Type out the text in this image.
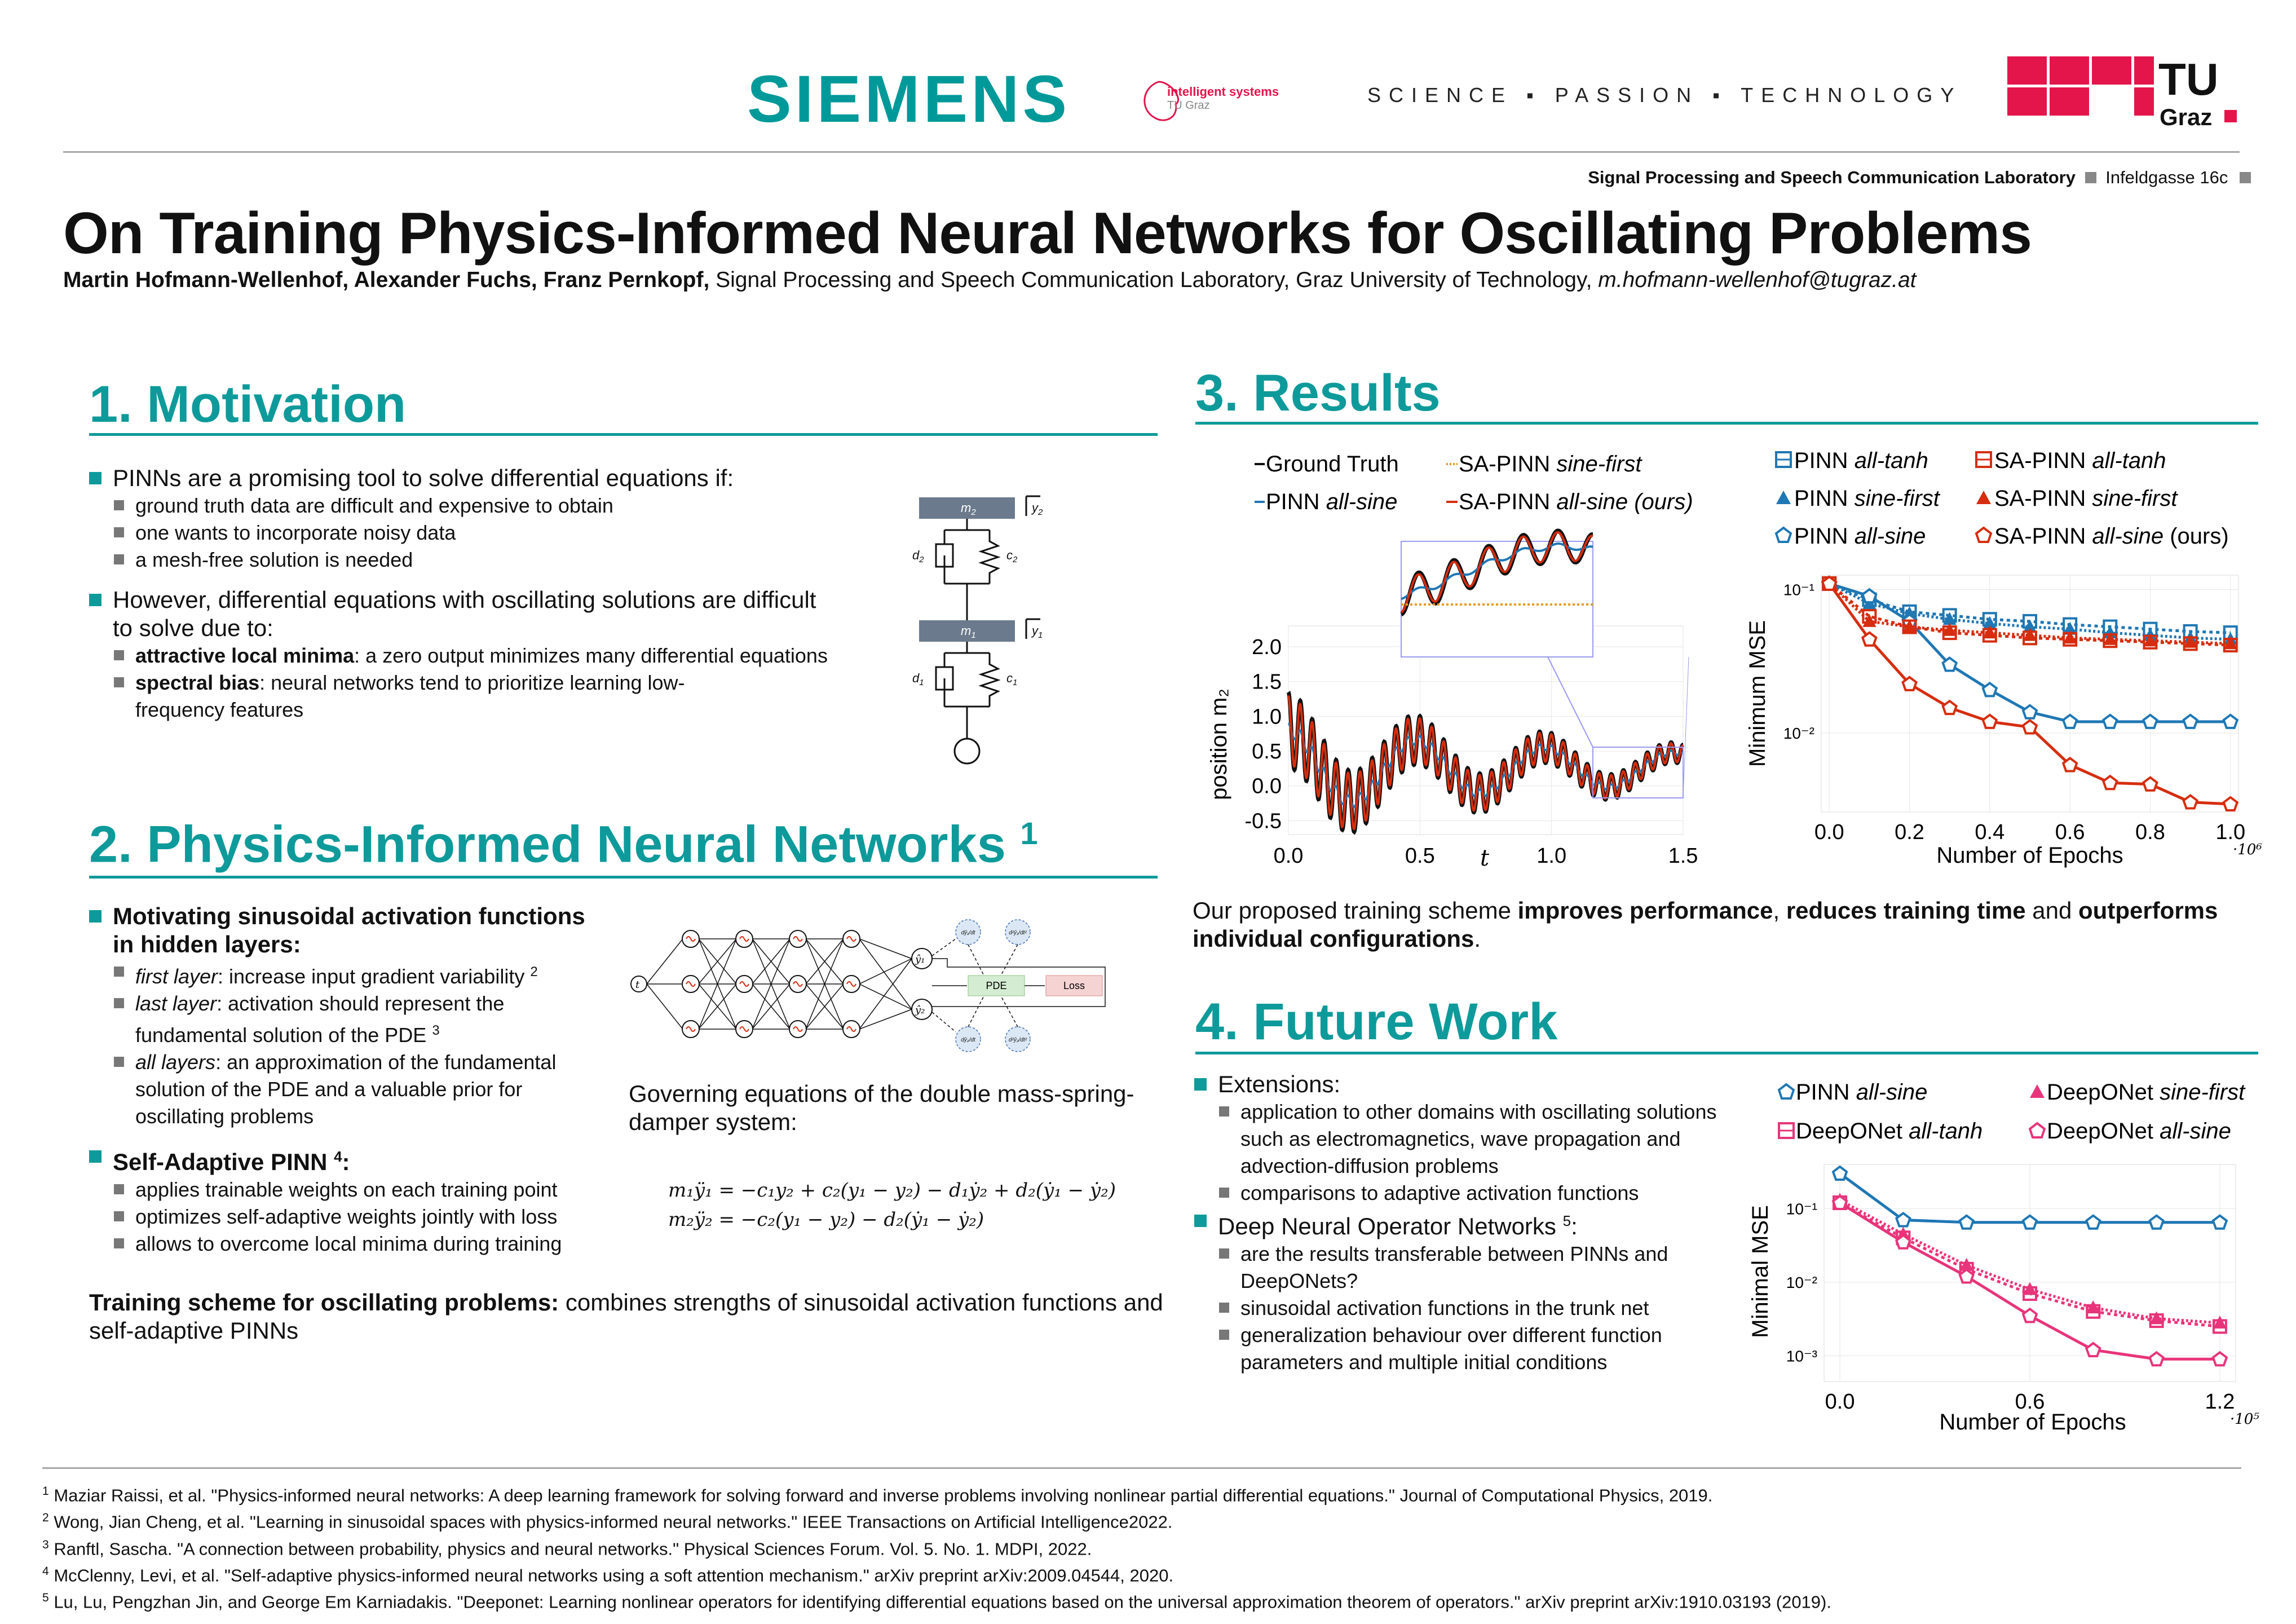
SIEMENS	intelligent systems
TU Graz	SCIENCE ▪ PASSION ▪ TECHNOLOGY	TU
Graz
Signal Processing and Speech Communication Laboratory Infeldgasse 16c
On Training Physics-Informed Neural Networks for Oscillating Problems
Martin Hofmann-Wellenhof, Alexander Fuchs, Franz Pernkopf, Signal Processing and Speech Communication Laboratory, Graz University of Technology, m.hofmann-wellenhof@tugraz.at
1. Motivation
PINNs are a promising tool to solve differential equations if:
ground truth data are difficult and expensive to obtain
one wants to incorporate noisy data
a mesh-free solution is needed
However, differential equations with oscillating solutions are difficult to solve due to:
attractive local minima: a zero output minimizes many differential equations
spectral bias: neural networks tend to prioritize learning low-frequency features
$m_2$
$m_1$
$y_2$
$y_1$
$d_2$	$c_2$
$d_1$	$c_1$
2. Physics-Informed Neural Networks $^1$
Motivating sinusoidal activation functions in hidden layers:
first layer: increase input gradient variability $^2$
last layer: activation should represent the fundamental solution of the PDE $^3$
all layers: an approximation of the fundamental solution of the PDE and a valuable prior for oscillating problems
Self-Adaptive PINN $^4$:
applies trainable weights on each training point
optimizes self-adaptive weights jointly with loss
allows to overcome local minima during training
t
ŷ₁
ŷ₂
dŷ₁/dt	d²ŷ₁/dt²
dŷ₂/dt	d²ŷ₂/dt²
PDE	Loss
Governing equations of the double mass-spring-damper system:
m₁ÿ₁ = −c₁y₂ + c₂(y₁ − y₂) − d₁ẏ₂ + d₂(ẏ₁ − ẏ₂)
m₂ÿ₂ = −c₂(y₁ − y₂) − d₂(ẏ₁ − ẏ₂)
Training scheme for oscillating problems: combines strengths of sinusoidal activation functions and self-adaptive PINNs
3. Results
Ground Truth
PINN all-sine
SA-PINN sine-first
SA-PINN all-sine (ours)
-0.5
0.0
0.5
1.0
1.5
2.0
0.0	0.5	1.0	1.5
position m₂
t
PINN all-tanh
PINN sine-first
PINN all-sine
SA-PINN all-tanh
SA-PINN sine-first
SA-PINN all-sine (ours)
0.0 0.2 0.4 0.6 0.8 1.0
10⁻¹
10⁻²
Minimum MSE
Number of Epochs	·10⁶
Our proposed training scheme improves performance, reduces training time and outperforms individual configurations.
4. Future Work
Extensions:
application to other domains with oscillating solutions such as electromagnetics, wave propagation and advection-diffusion problems
comparisons to adaptive activation functions
Deep Neural Operator Networks $^5$:
are the results transferable between PINNs and DeepONets?
sinusoidal activation functions in the trunk net
generalization behaviour over different function parameters and multiple initial conditions
PINN all-sine
DeepONet all-tanh
DeepONet sine-first
DeepONet all-sine
0.0	0.6	1.2
10⁻¹
10⁻²
10⁻³
Minimal MSE
Number of Epochs	·10⁵
$^1$ Maziar Raissi, et al. "Physics-informed neural networks: A deep learning framework for solving forward and inverse problems involving nonlinear partial differential equations." Journal of Computational Physics, 2019.
$^2$ Wong, Jian Cheng, et al. "Learning in sinusoidal spaces with physics-informed neural networks." IEEE Transactions on Artificial Intelligence2022.
$^3$ Ranftl, Sascha. "A connection between probability, physics and neural networks." Physical Sciences Forum. Vol. 5. No. 1. MDPI, 2022.
$^4$ McClenny, Levi, et al. "Self-adaptive physics-informed neural networks using a soft attention mechanism." arXiv preprint arXiv:2009.04544, 2020.
$^5$ Lu, Lu, Pengzhan Jin, and George Em Karniadakis. "Deeponet: Learning nonlinear operators for identifying differential equations based on the universal approximation theorem of operators." arXiv preprint arXiv:1910.03193 (2019).
